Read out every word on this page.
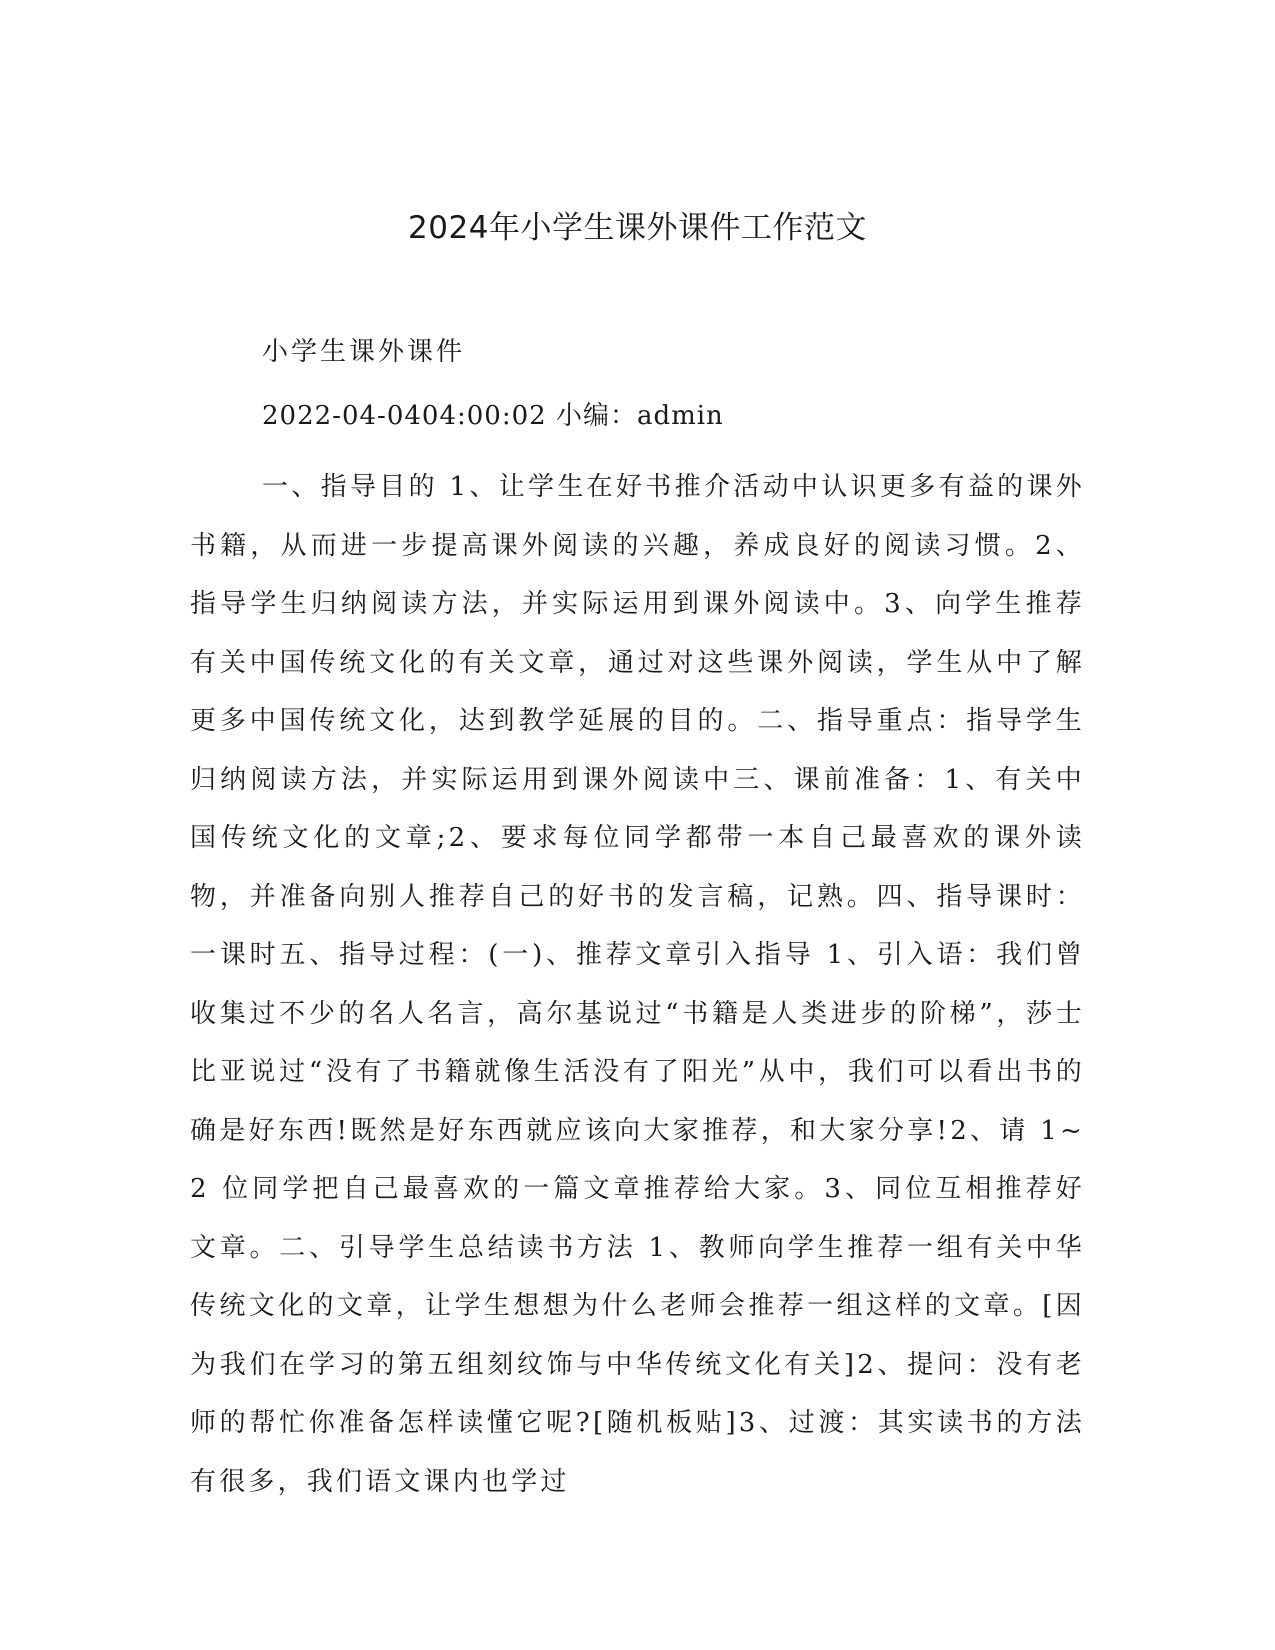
2024年小学生课外课件工作范文
小学生课外课件
2022-04-0404:00:02 小编：admin

一、指导目的 1、让学生在好书推介活动中认识更多有益的课外书籍，从而进一步提高课外阅读的兴趣，养成良好的阅读习惯。2、指导学生归纳阅读方法，并实际运用到课外阅读中。3、向学生推荐有关中国传统文化的有关文章，通过对这些课外阅读，学生从中了解更多中国传统文化，达到教学延展的目的。二、指导重点：指导学生归纳阅读方法，并实际运用到课外阅读中三、课前准备：1、有关中国传统文化的文章;2、要求每位同学都带一本自己最喜欢的课外读物，并准备向别人推荐自己的好书的发言稿，记熟。四、指导课时：一课时五、指导过程：(一)、推荐文章引入指导 1、引入语：我们曾收集过不少的名人名言，高尔基说过“书籍是人类进步的阶梯”，莎士比亚说过“没有了书籍就像生活没有了阳光”从中，我们可以看出书的确是好东西!既然是好东西就应该向大家推荐，和大家分享!2、请 1~2 位同学把自己最喜欢的一篇文章推荐给大家。3、同位互相推荐好文章。二、引导学生总结读书方法 1、教师向学生推荐一组有关中华传统文化的文章，让学生想想为什么老师会推荐一组这样的文章。[因为我们在学习的第五组刻纹饰与中华传统文化有关]2、提问：没有老师的帮忙你准备怎样读懂它呢?[随机板贴]3、过渡：其实读书的方法有很多，我们语文课内也学过
